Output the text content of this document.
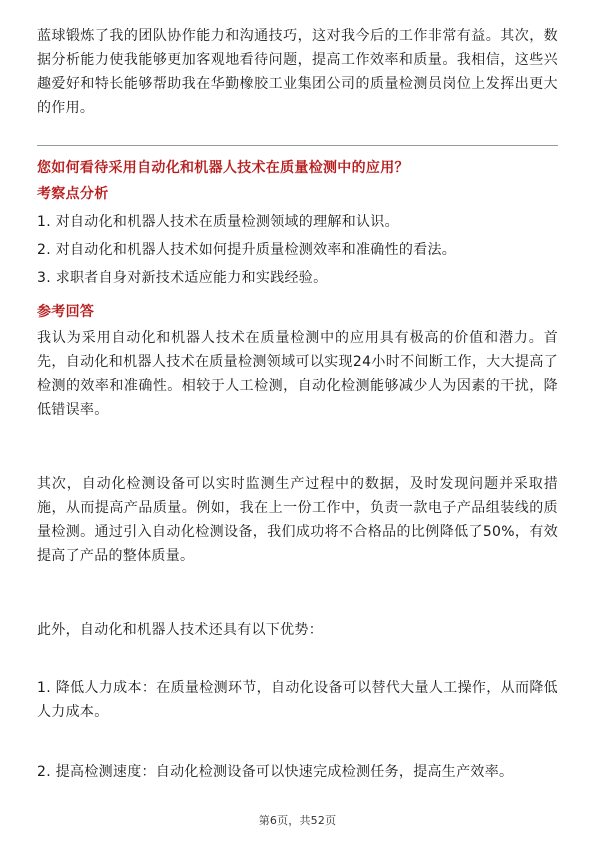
蓝球锻炼了我的团队协作能力和沟通技巧，这对我今后的工作非常有益。其次，数据分析能力使我能够更加客观地看待问题，提高工作效率和质量。我相信，这些兴趣爱好和特长能够帮助我在华勤橡胶工业集团公司的质量检测员岗位上发挥出更大的作用。

您如何看待采用自动化和机器人技术在质量检测中的应用？

考察点分析

1. 对自动化和机器人技术在质量检测领域的理解和认识。

2. 对自动化和机器人技术如何提升质量检测效率和准确性的看法。

3. 求职者自身对新技术适应能力和实践经验。

参考回答

我认为采用自动化和机器人技术在质量检测中的应用具有极高的价值和潜力。首先，自动化和机器人技术在质量检测领域可以实现24小时不间断工作，大大提高了检测的效率和准确性。相较于人工检测，自动化检测能够减少人为因素的干扰，降低错误率。

其次，自动化检测设备可以实时监测生产过程中的数据，及时发现问题并采取措施，从而提高产品质量。例如，我在上一份工作中，负责一款电子产品组装线的质量检测。通过引入自动化检测设备，我们成功将不合格品的比例降低了50%，有效提高了产品的整体质量。

此外，自动化和机器人技术还具有以下优势：

1. 降低人力成本：在质量检测环节，自动化设备可以替代大量人工操作，从而降低人力成本。

2. 提高检测速度：自动化检测设备可以快速完成检测任务，提高生产效率。

第6页，共52页
